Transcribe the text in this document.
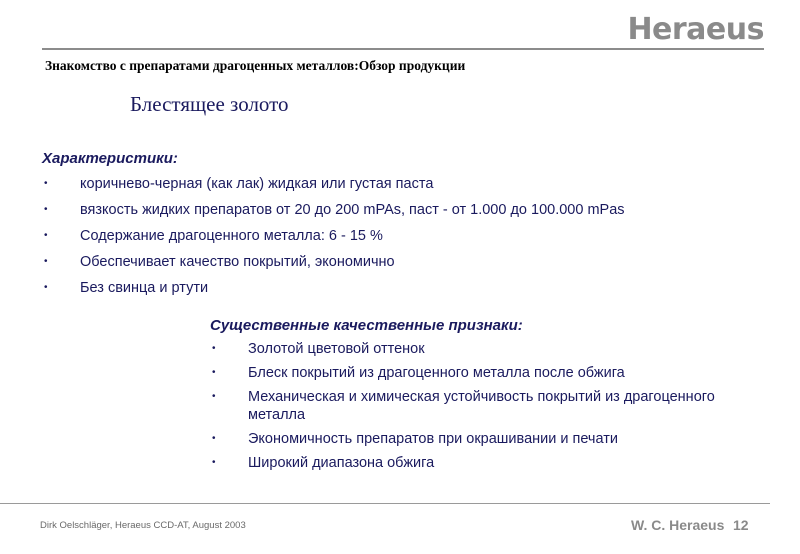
Heraeus
Знакомство с препаратами драгоценных металлов:Обзор продукции
Блестящее золото
Характеристики:
• коричнево-черная (как лак) жидкая или густая паста
• вязкость жидких препаратов от 20 до 200 mPAs, паст - от 1.000 до 100.000 mPas
• Содержание драгоценного металла: 6 - 15 %
• Обеспечивает качество покрытий, экономично
• Без свинца и ртути
Существенные качественные признаки:
• Золотой цветовой оттенок
• Блеск покрытий из драгоценного металла после обжига
• Механическая и химическая устойчивость покрытий из драгоценного металла
• Экономичность препаратов при окрашивании и печати
• Широкий диапазона обжига
Dirk Oelschläger, Heraeus CCD-AT, August 2003	W. C. Heraeus 12
